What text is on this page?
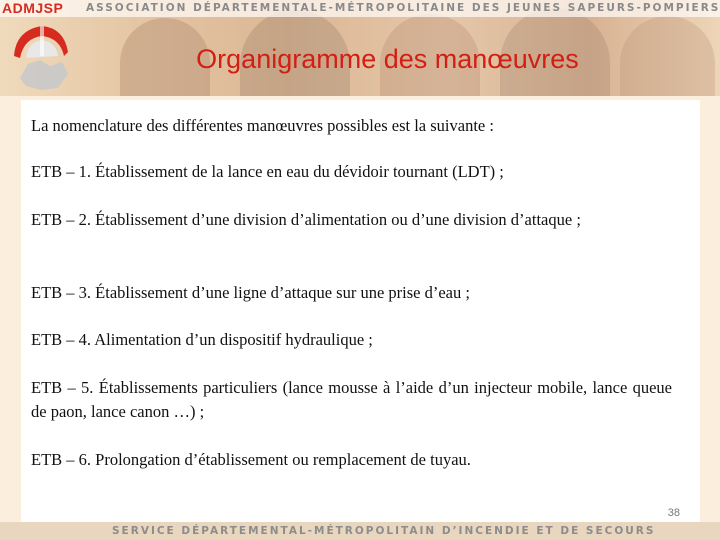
ADMJSP ASSOCIATION DÉPARTEMENTALE-MÉTROPOLITAINE DES JEUNES SAPEURS-POMPIERS
Organigramme des manœuvres

La nomenclature des différentes manœuvres possibles est la suivante :

ETB – 1. Établissement de la lance en eau du dévidoir tournant (LDT) ;

ETB – 2. Établissement d’une division d’alimentation ou d’une division d’attaque ;

ETB – 3. Établissement d’une ligne d’attaque sur une prise d’eau ;

ETB – 4. Alimentation d’un dispositif hydraulique ;

ETB – 5. Établissements particuliers (lance mousse à l’aide d’un injecteur mobile, lance queue de paon, lance canon …) ;

ETB – 6. Prolongation d’établissement ou remplacement de tuyau.

38
SERVICE DÉPARTEMENTAL-MÉTROPOLITAIN D’INCENDIE ET DE SECOURS
